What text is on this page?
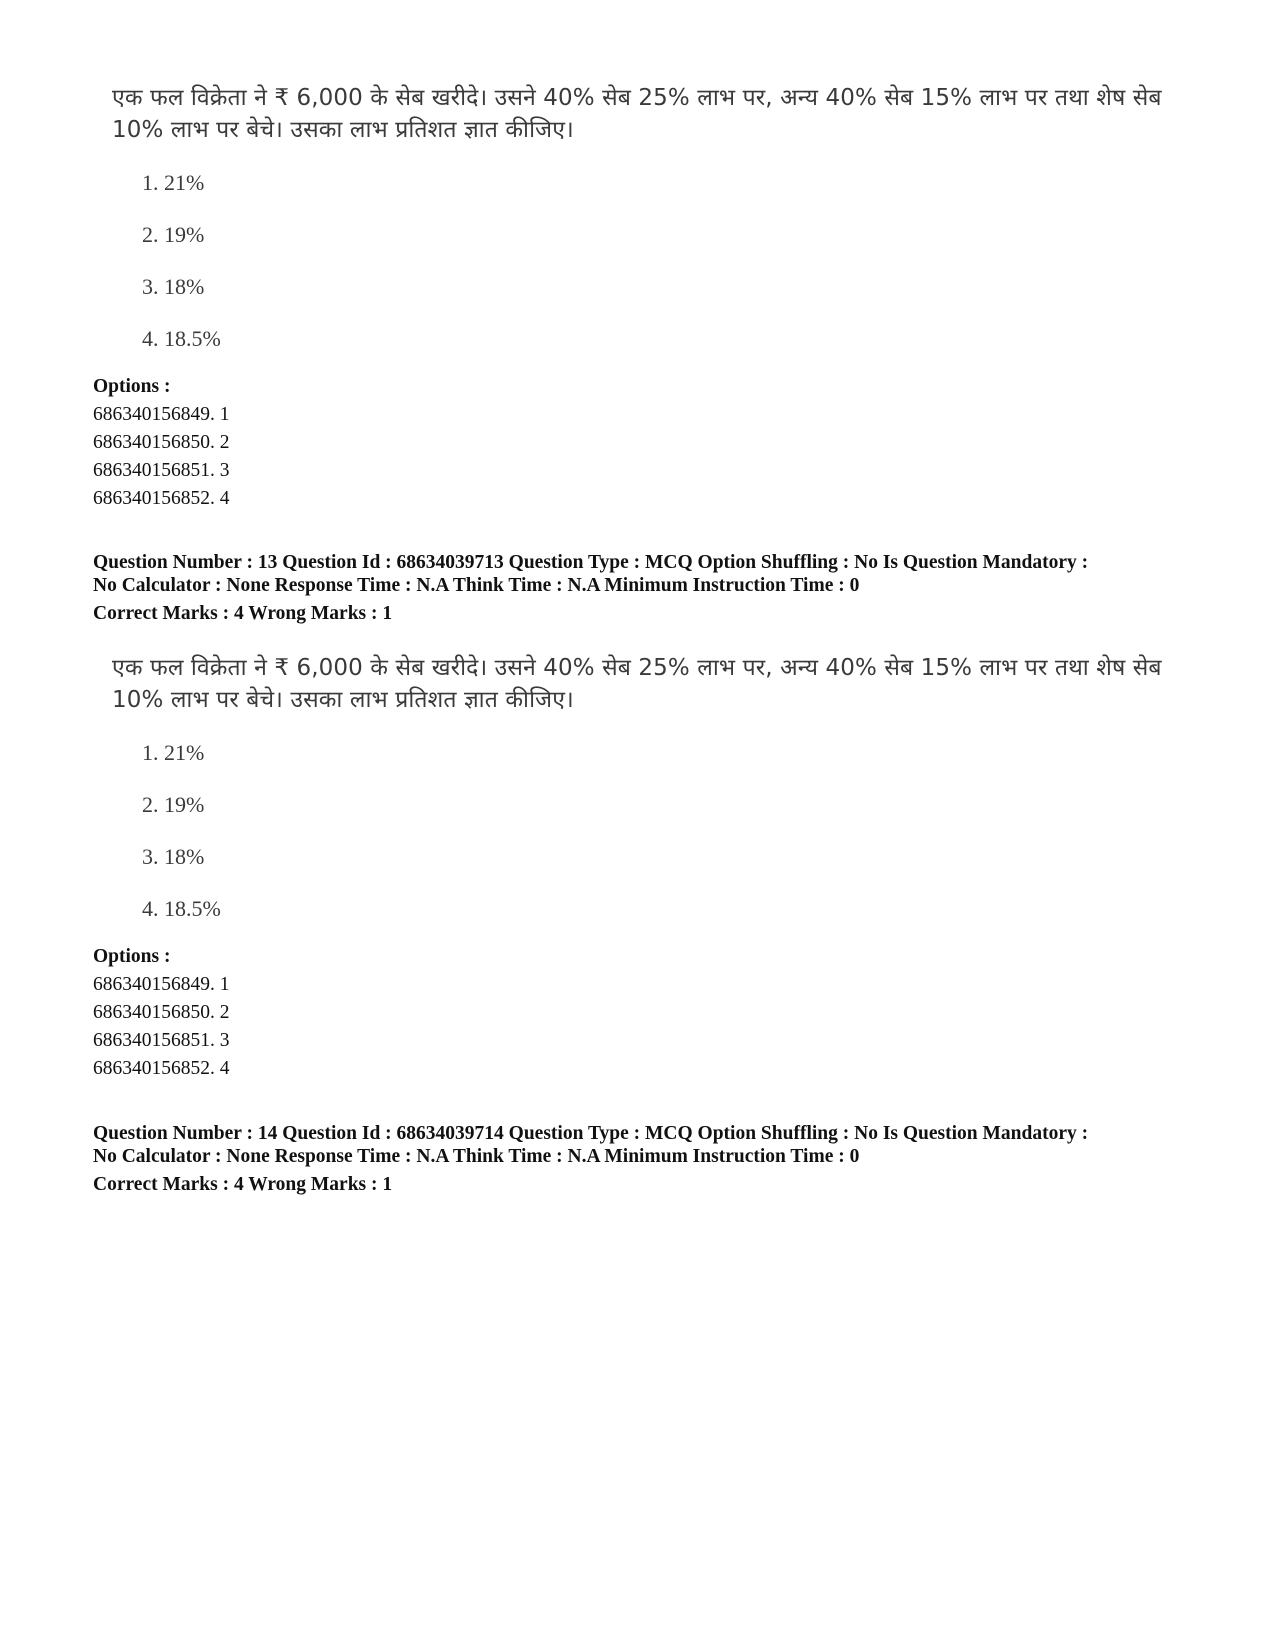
एक फल विक्रेता ने ₹ 6,000 के सेब खरीदे। उसने 40% सेब 25% लाभ पर, अन्य 40% सेब 15% लाभ पर तथा शेष सेब
10% लाभ पर बेचे। उसका लाभ प्रतिशत ज्ञात कीजिए।
1. 21%
2. 19%
3. 18%
4. 18.5%
Options :
686340156849. 1
686340156850. 2
686340156851. 3
686340156852. 4
Question Number : 13 Question Id : 68634039713 Question Type : MCQ Option Shuffling : No Is Question Mandatory :
No Calculator : None Response Time : N.A Think Time : N.A Minimum Instruction Time : 0
Correct Marks : 4 Wrong Marks : 1
एक फल विक्रेता ने ₹ 6,000 के सेब खरीदे। उसने 40% सेब 25% लाभ पर, अन्य 40% सेब 15% लाभ पर तथा शेष सेब
10% लाभ पर बेचे। उसका लाभ प्रतिशत ज्ञात कीजिए।
1. 21%
2. 19%
3. 18%
4. 18.5%
Options :
686340156849. 1
686340156850. 2
686340156851. 3
686340156852. 4
Question Number : 14 Question Id : 68634039714 Question Type : MCQ Option Shuffling : No Is Question Mandatory :
No Calculator : None Response Time : N.A Think Time : N.A Minimum Instruction Time : 0
Correct Marks : 4 Wrong Marks : 1
